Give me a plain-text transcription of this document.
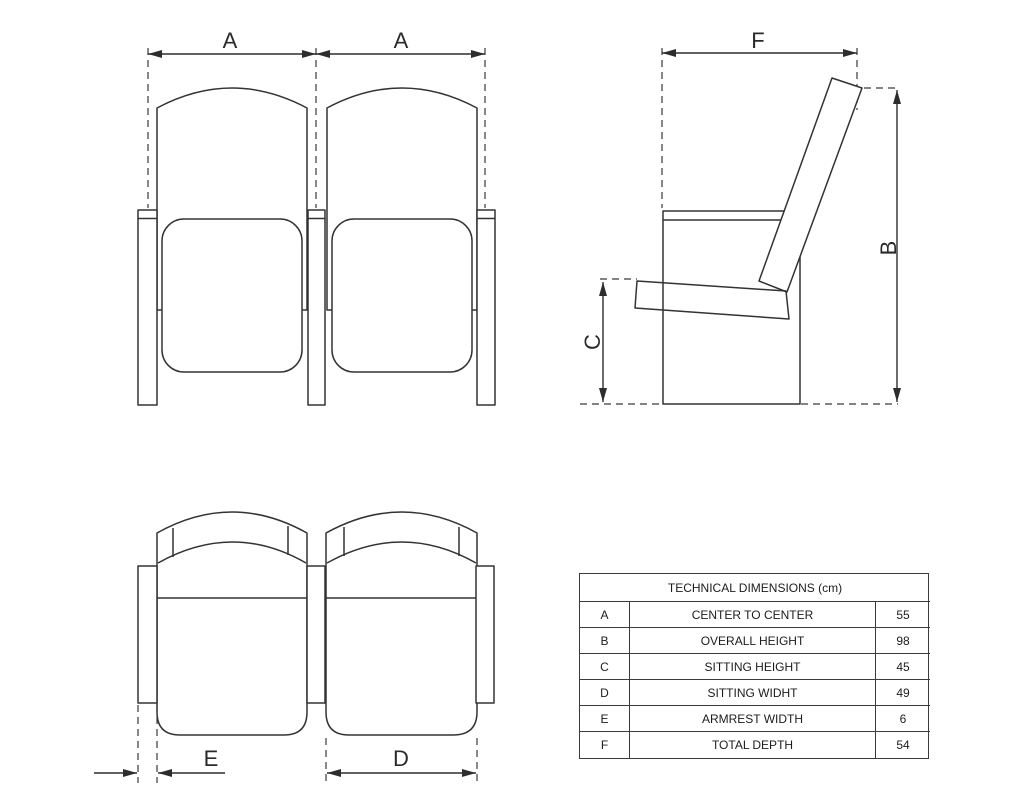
A	A	F
C
B
E	D
TECHNICAL DIMENSIONS (cm)
A	CENTER TO CENTER	55
B	OVERALL HEIGHT	98
C	SITTING HEIGHT	45
D	SITTING WIDHT	49
E	ARMREST WIDTH	6
F	TOTAL DEPTH	54
